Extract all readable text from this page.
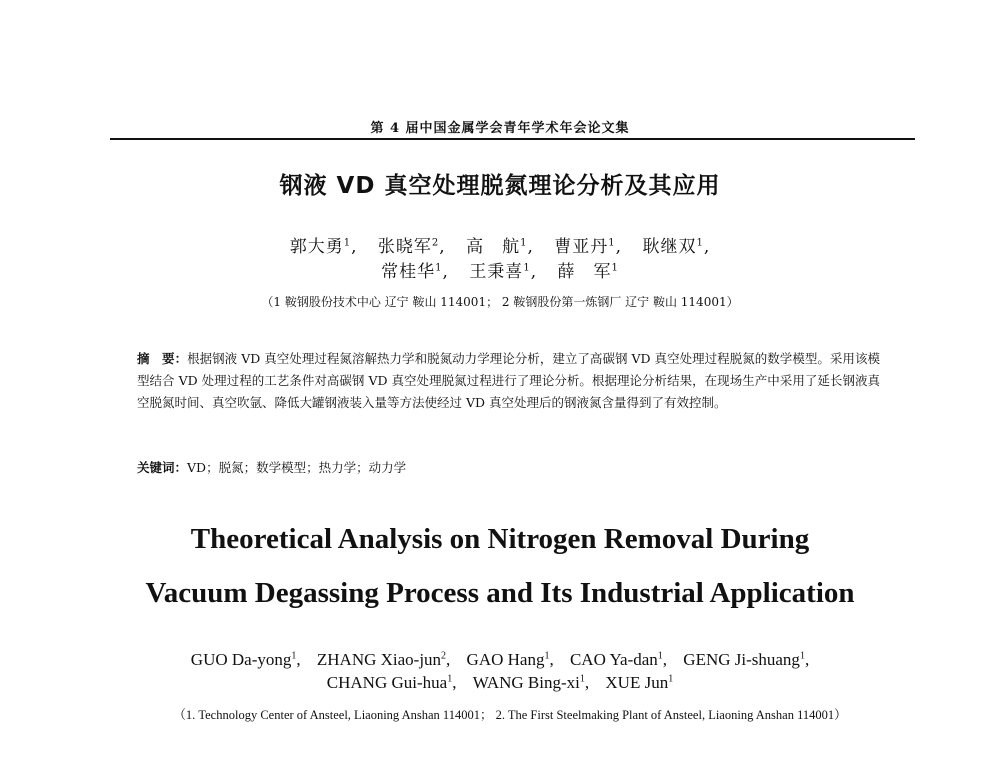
第 4 届中国金属学会青年学术年会论文集
钢液 VD 真空处理脱氮理论分析及其应用
郭大勇$^1$, 张晓军$^2$, 高　航$^1$, 曹亚丹$^1$, 耿继双$^1$,
常桂华$^1$, 王秉喜$^1$, 薛　军$^1$
（1 鞍钢股份技术中心 辽宁 鞍山 114001； 2 鞍钢股份第一炼钢厂 辽宁 鞍山 114001）
摘　要：根据钢液 VD 真空处理过程氮溶解热力学和脱氮动力学理论分析，建立了高碳钢 VD 真空处理过程脱氮的数学模型。采用该模型结合 VD 处理过程的工艺条件对高碳钢 VD 真空处理脱氮过程进行了理论分析。根据理论分析结果，在现场生产中采用了延长钢液真空脱氮时间、真空吹氩、降低大罐钢液装入量等方法使经过 VD 真空处理后的钢液氮含量得到了有效控制。
关键词：VD；脱氮；数学模型；热力学；动力学
Theoretical Analysis on Nitrogen Removal During
Vacuum Degassing Process and Its Industrial Application
GUO Da-yong$^1$, ZHANG Xiao-jun$^2$, GAO Hang$^1$, CAO Ya-dan$^1$, GENG Ji-shuang$^1$,
CHANG Gui-hua$^1$, WANG Bing-$xi^1$, XUE Jun$^1$
（1. Technology Center of Ansteel, Liaoning Anshan 114001； 2. The First Steelmaking Plant of Ansteel, Liaoning Anshan 114001）
